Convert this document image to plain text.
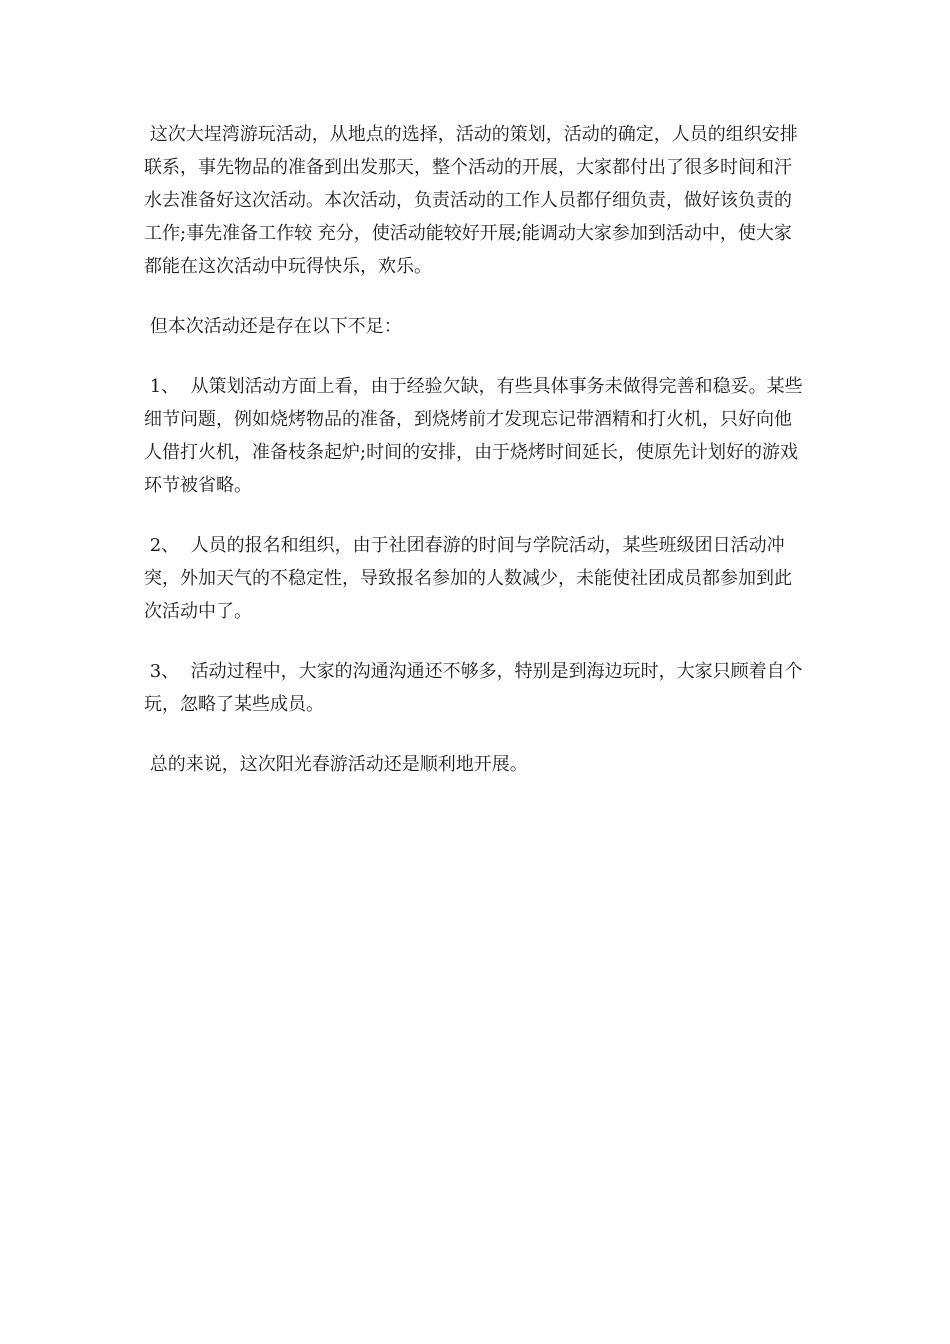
这次大埕湾游玩活动，从地点的选择，活动的策划，活动的确定，人员的组织安排联系，事先物品的准备到出发那天，整个活动的开展，大家都付出了很多时间和汗水去准备好这次活动。本次活动，负责活动的工作人员都仔细负责，做好该负责的工作;事先准备工作较 充分，使活动能较好开展;能调动大家参加到活动中，使大家都能在这次活动中玩得快乐，欢乐。

但本次活动还是存在以下不足：

1、  从策划活动方面上看，由于经验欠缺，有些具体事务未做得完善和稳妥。某些细节问题，例如烧烤物品的准备，到烧烤前才发现忘记带酒精和打火机，只好向他人借打火机，准备枝条起炉;时间的安排，由于烧烤时间延长，使原先计划好的游戏环节被省略。

2、  人员的报名和组织，由于社团春游的时间与学院活动，某些班级团日活动冲突，外加天气的不稳定性，导致报名参加的人数减少，未能使社团成员都参加到此次活动中了。

3、  活动过程中，大家的沟通沟通还不够多，特别是到海边玩时，大家只顾着自个玩，忽略了某些成员。

总的来说，这次阳光春游活动还是顺利地开展。
